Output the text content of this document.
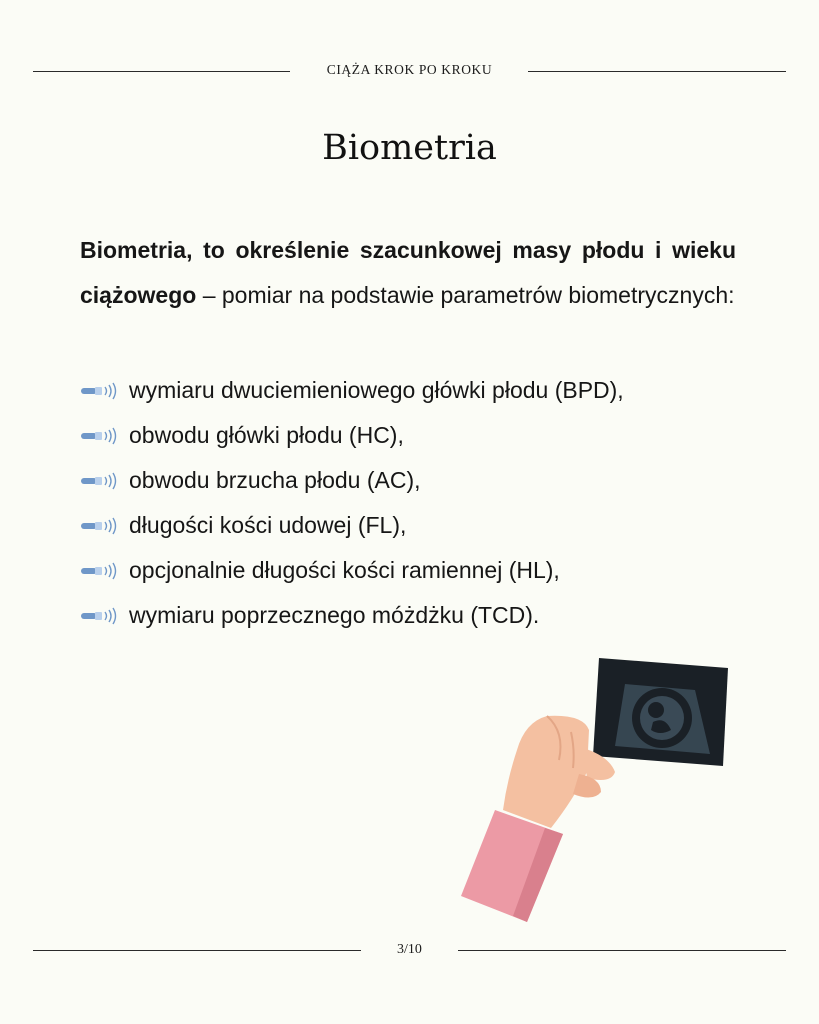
CIĄŻA KROK PO KROKU
Biometria

Biometria, to określenie szacunkowej masy płodu i wieku ciążowego – pomiar na podstawie parametrów biometrycznych:

wymiaru dwuciemieniowego główki płodu (BPD),
obwodu główki płodu (HC),
obwodu brzucha płodu (AC),
długości kości udowej (FL),
opcjonalnie długości kości ramiennej (HL),
wymiaru poprzecznego móżdżku (TCD).
3/10
